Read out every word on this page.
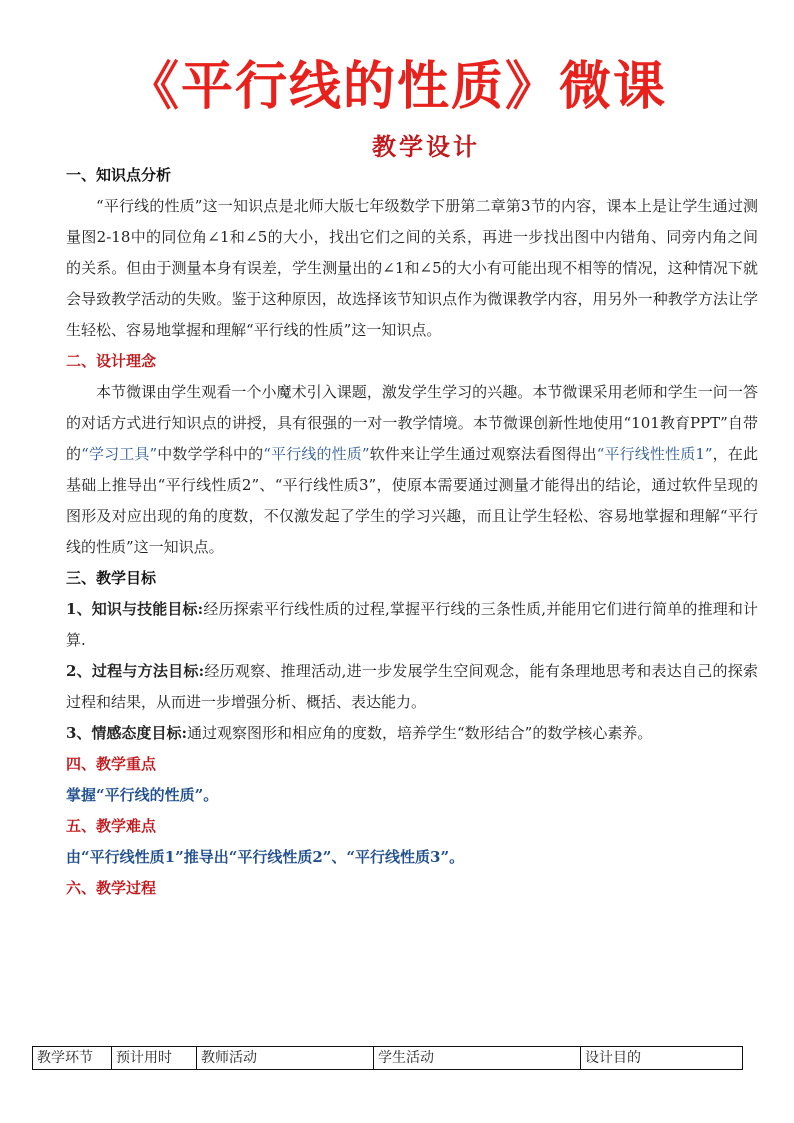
《平行线的性质》微课
教学设计

一、知识点分析

“平行线的性质”这一知识点是北师大版七年级数学下册第二章第3节的内容，课本上是让学生通过测量图2-18中的同位角∠1和∠5的大小，找出它们之间的关系，再进一步找出图中内错角、同旁内角之间的关系。但由于测量本身有误差，学生测量出的∠1和∠5的大小有可能出现不相等的情况，这种情况下就会导致教学活动的失败。鉴于这种原因，故选择该节知识点作为微课教学内容，用另外一种教学方法让学生轻松、容易地掌握和理解“平行线的性质”这一知识点。

二、设计理念

本节微课由学生观看一个小魔术引入课题，激发学生学习的兴趣。本节微课采用老师和学生一问一答的对话方式进行知识点的讲授，具有很强的一对一教学情境。本节微课创新性地使用“101教育PPT”自带的“学习工具”中数学学科中的“平行线的性质”软件来让学生通过观察法看图得出“平行线性性质1”，在此基础上推导出“平行线性质2”、“平行线性质3”，使原本需要通过测量才能得出的结论，通过软件呈现的图形及对应出现的角的度数，不仅激发起了学生的学习兴趣，而且让学生轻松、容易地掌握和理解“平行线的性质”这一知识点。

三、教学目标

1、知识与技能目标:经历探索平行线性质的过程,掌握平行线的三条性质,并能用它们进行简单的推理和计算.

2、过程与方法目标:经历观察、推理活动,进一步发展学生空间观念，能有条理地思考和表达自己的探索过程和结果，从而进一步增强分析、概括、表达能力。

3、情感态度目标:通过观察图形和相应角的度数，培养学生“数形结合”的数学核心素养。

四、教学重点

掌握“平行线的性质”。

五、教学难点

由“平行线性质1”推导出“平行线性质2”、“平行线性质3”。

六、教学过程

教学环节	预计用时	教师活动	学生活动	设计目的
